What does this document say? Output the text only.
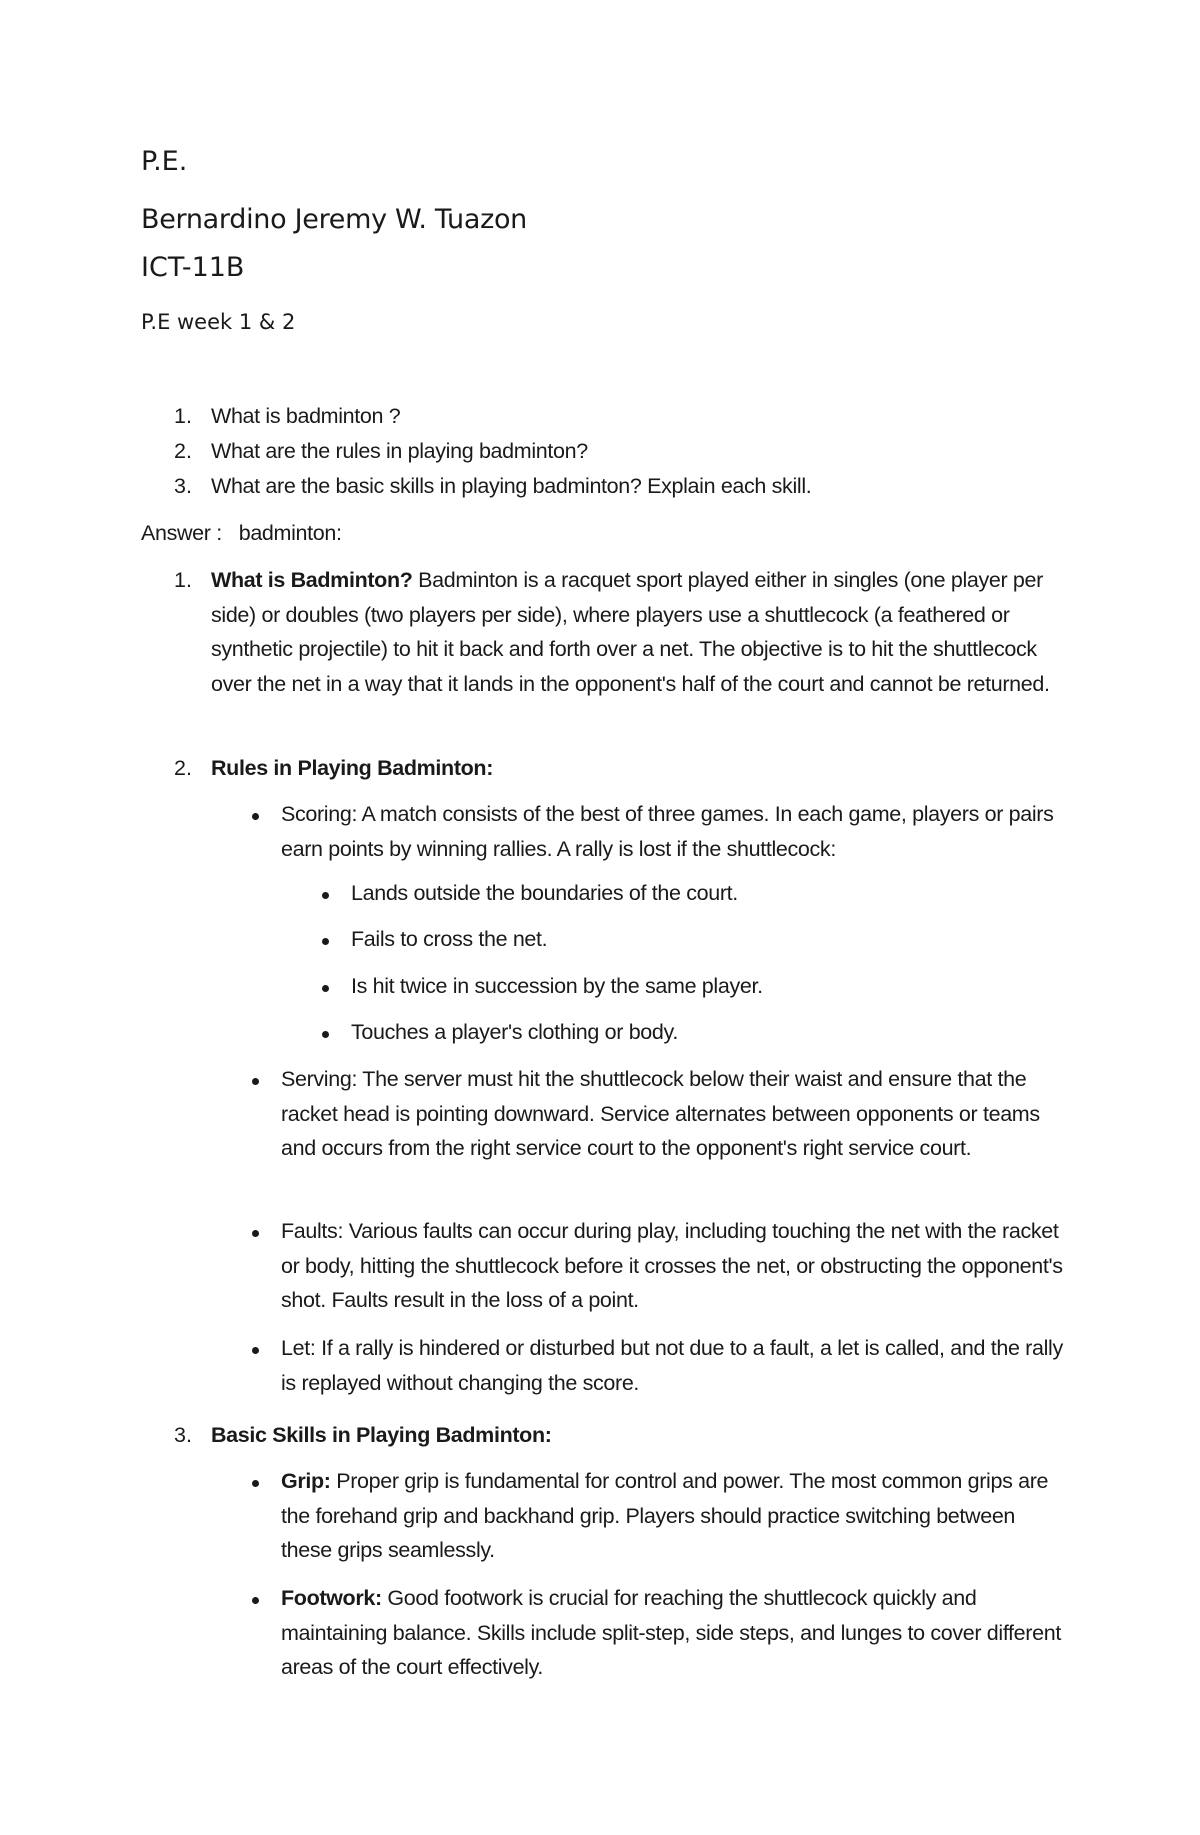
P.E.
Bernardino Jeremy W. Tuazon
ICT-11B
P.E week 1 & 2
1. What is badminton ?
2. What are the rules in playing badminton?
3. What are the basic skills in playing badminton? Explain each skill.
Answer :   badminton:
1. What is Badminton? Badminton is a racquet sport played either in singles (one player per side) or doubles (two players per side), where players use a shuttlecock (a feathered or synthetic projectile) to hit it back and forth over a net. The objective is to hit the shuttlecock over the net in a way that it lands in the opponent's half of the court and cannot be returned.
2. Rules in Playing Badminton:
Scoring: A match consists of the best of three games. In each game, players or pairs earn points by winning rallies. A rally is lost if the shuttlecock:
Lands outside the boundaries of the court.
Fails to cross the net.
Is hit twice in succession by the same player.
Touches a player's clothing or body.
Serving: The server must hit the shuttlecock below their waist and ensure that the racket head is pointing downward. Service alternates between opponents or teams and occurs from the right service court to the opponent's right service court.
Faults: Various faults can occur during play, including touching the net with the racket or body, hitting the shuttlecock before it crosses the net, or obstructing the opponent's shot. Faults result in the loss of a point.
Let: If a rally is hindered or disturbed but not due to a fault, a let is called, and the rally is replayed without changing the score.
3. Basic Skills in Playing Badminton:
Grip: Proper grip is fundamental for control and power. The most common grips are the forehand grip and backhand grip. Players should practice switching between these grips seamlessly.
Footwork: Good footwork is crucial for reaching the shuttlecock quickly and maintaining balance. Skills include split-step, side steps, and lunges to cover different areas of the court effectively.
